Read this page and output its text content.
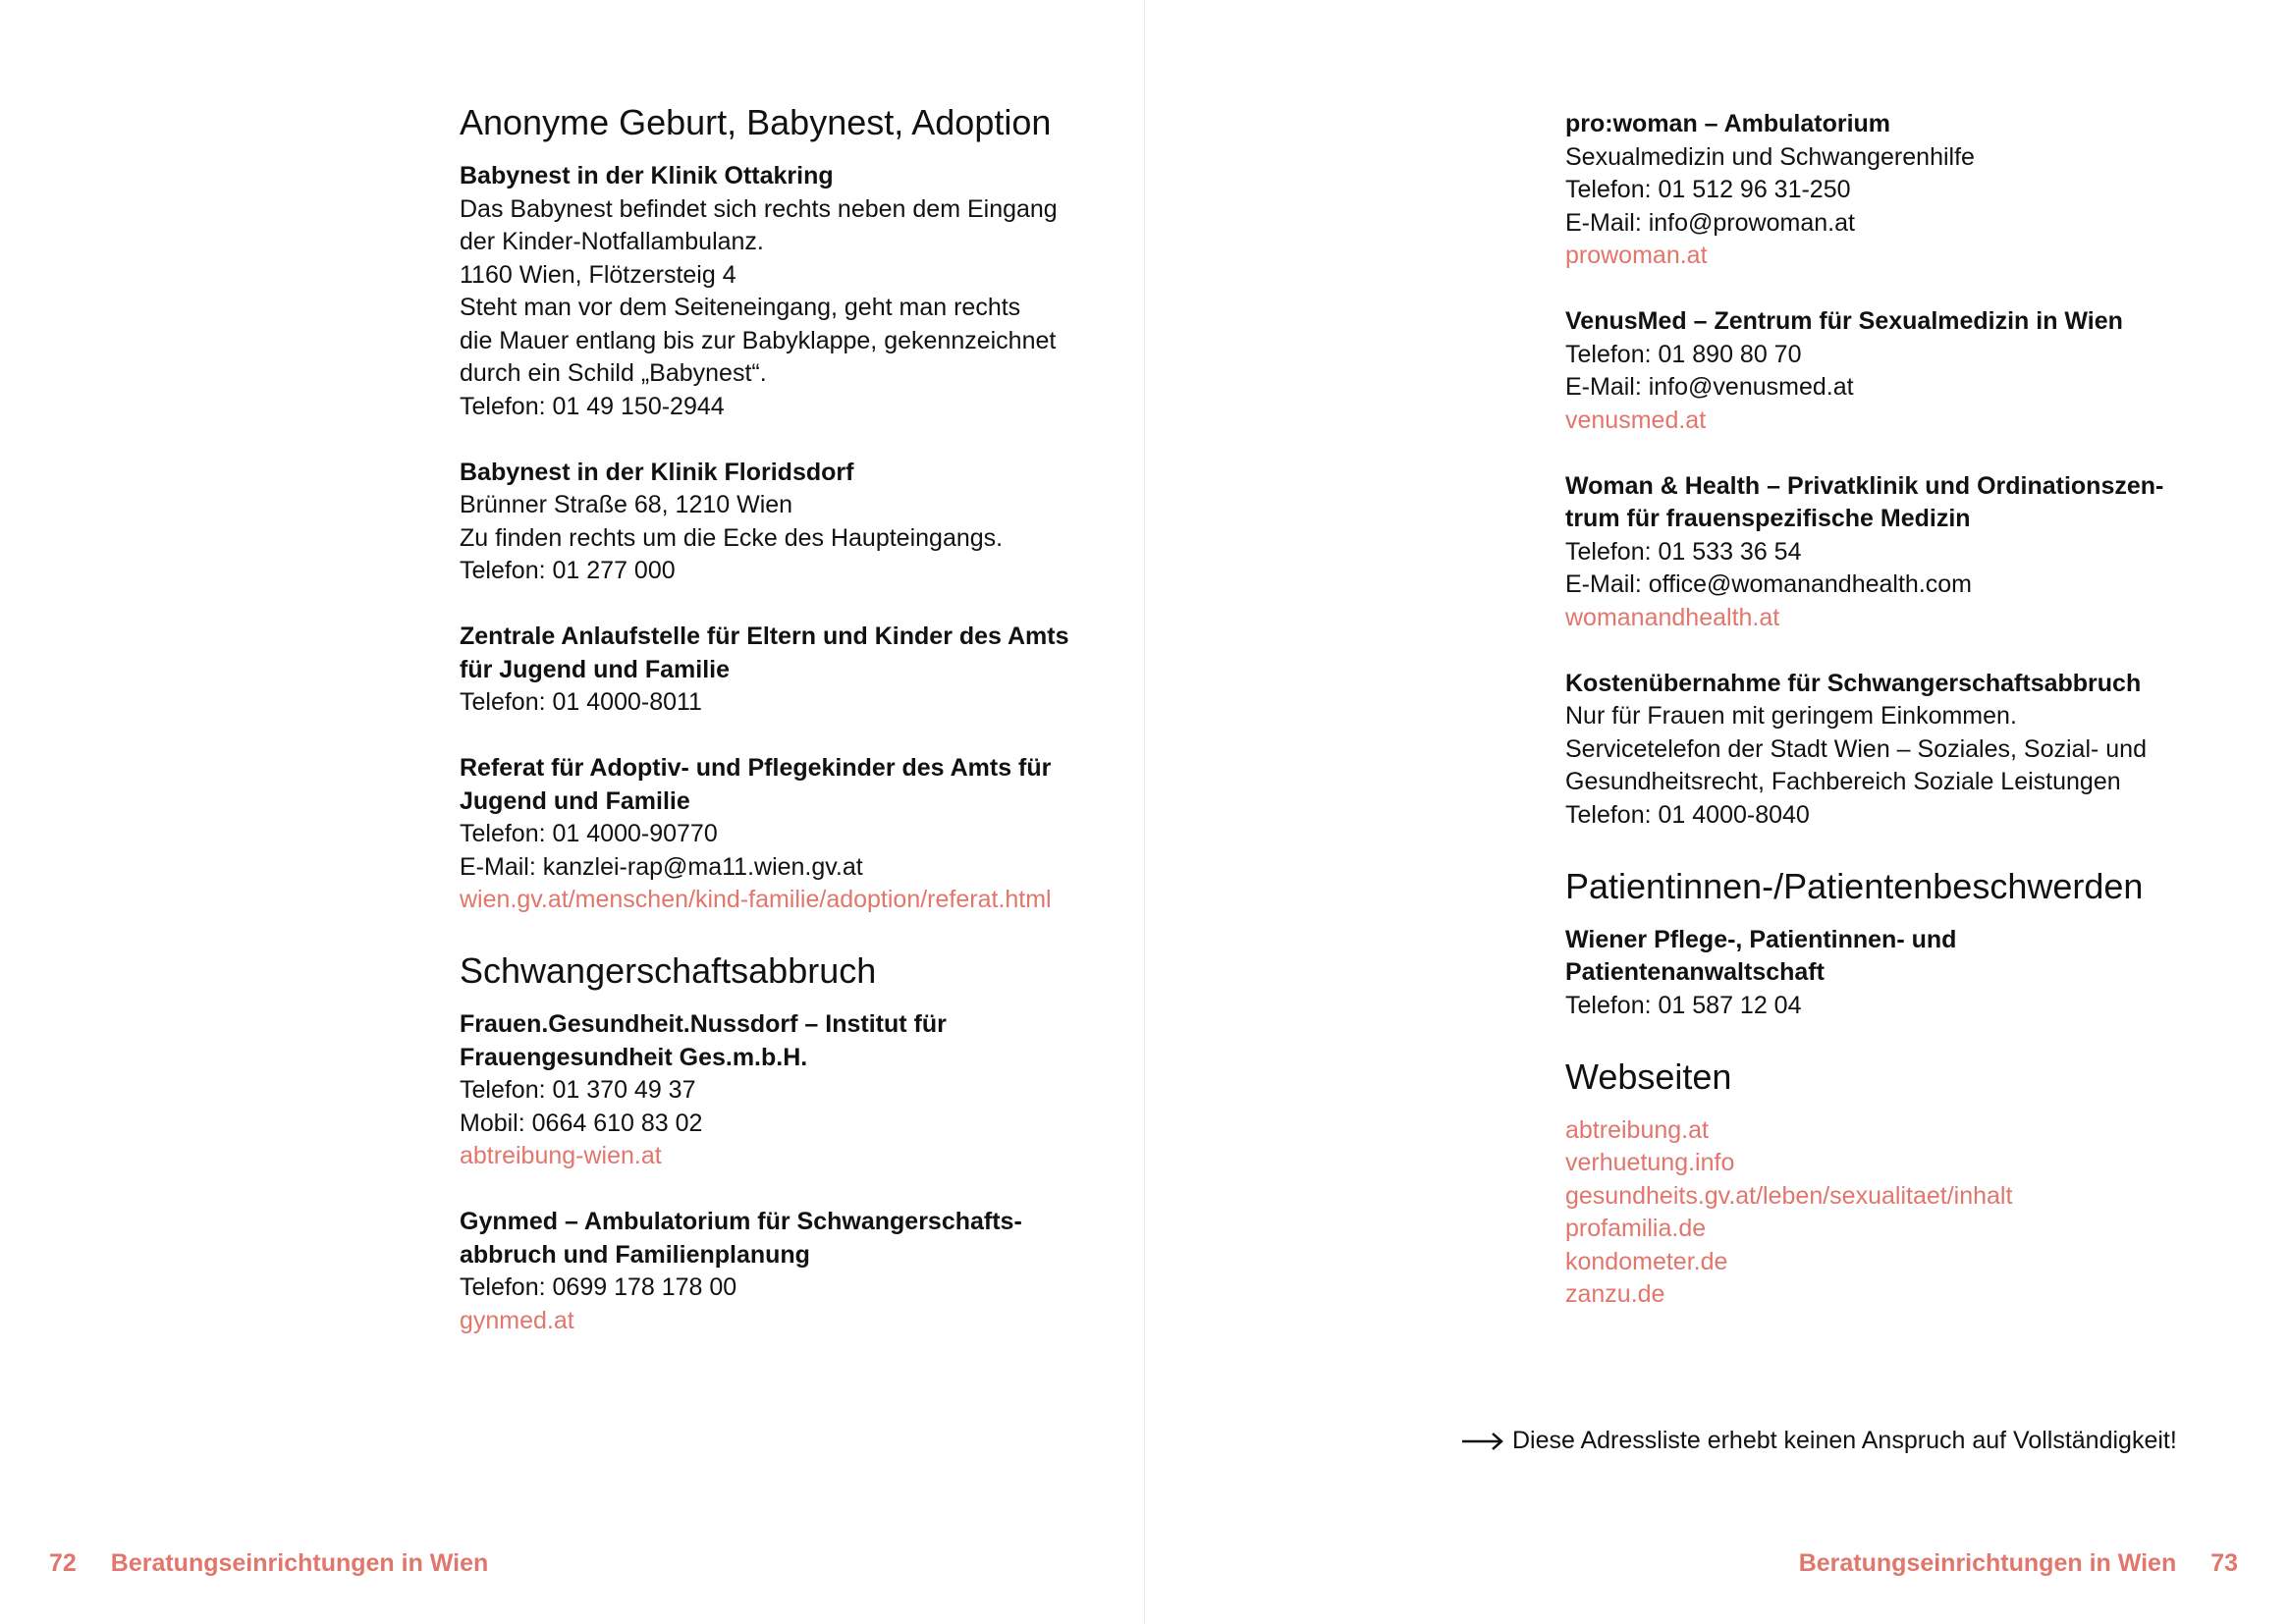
Anonyme Geburt, Babynest, Adoption
Babynest in der Klinik Ottakring
Das Babynest befindet sich rechts neben dem Eingang
der Kinder-Notfallambulanz.
1160 Wien, Flötzersteig 4
Steht man vor dem Seiteneingang, geht man rechts
die Mauer entlang bis zur Babyklappe, gekennzeichnet
durch ein Schild „Babynest“.
Telefon: 01 49 150-2944
Babynest in der Klinik Floridsdorf
Brünner Straße 68, 1210 Wien
Zu finden rechts um die Ecke des Haupteingangs.
Telefon: 01 277 000
Zentrale Anlaufstelle für Eltern und Kinder des Amts
für Jugend und Familie
Telefon: 01 4000-8011
Referat für Adoptiv- und Pflegekinder des Amts für
Jugend und Familie
Telefon: 01 4000-90770
E-Mail: kanzlei-rap@ma11.wien.gv.at
wien.gv.at/menschen/kind-familie/adoption/referat.html
Schwangerschaftsabbruch
Frauen.Gesundheit.Nussdorf – Institut für
Frauengesundheit Ges.m.b.H.
Telefon: 01 370 49 37
Mobil: 0664 610 83 02
abtreibung-wien.at
Gynmed – Ambulatorium für Schwangerschafts-
abbruch und Familienplanung
Telefon: 0699 178 178 00
gynmed.at
72 Beratungseinrichtungen in Wien
pro:woman – Ambulatorium
Sexualmedizin und Schwangerenhilfe
Telefon: 01 512 96 31-250
E-Mail: info@prowoman.at
prowoman.at
VenusMed – Zentrum für Sexualmedizin in Wien
Telefon: 01 890 80 70
E-Mail: info@venusmed.at
venusmed.at
Woman & Health – Privatklinik und Ordinationszen-
trum für frauenspezifische Medizin
Telefon: 01 533 36 54
E-Mail: office@womanandhealth.com
womanandhealth.at
Kostenübernahme für Schwangerschaftsabbruch
Nur für Frauen mit geringem Einkommen.
Servicetelefon der Stadt Wien – Soziales, Sozial- und
Gesundheitsrecht, Fachbereich Soziale Leistungen
Telefon: 01 4000-8040
Patientinnen-/Patientenbeschwerden
Wiener Pflege-, Patientinnen- und
Patientenanwaltschaft
Telefon: 01 587 12 04
Webseiten
abtreibung.at
verhuetung.info
gesundheits.gv.at/leben/sexualitaet/inhalt
profamilia.de
kondometer.de
zanzu.de
Diese Adressliste erhebt keinen Anspruch auf Vollständigkeit!
Beratungseinrichtungen in Wien 73
